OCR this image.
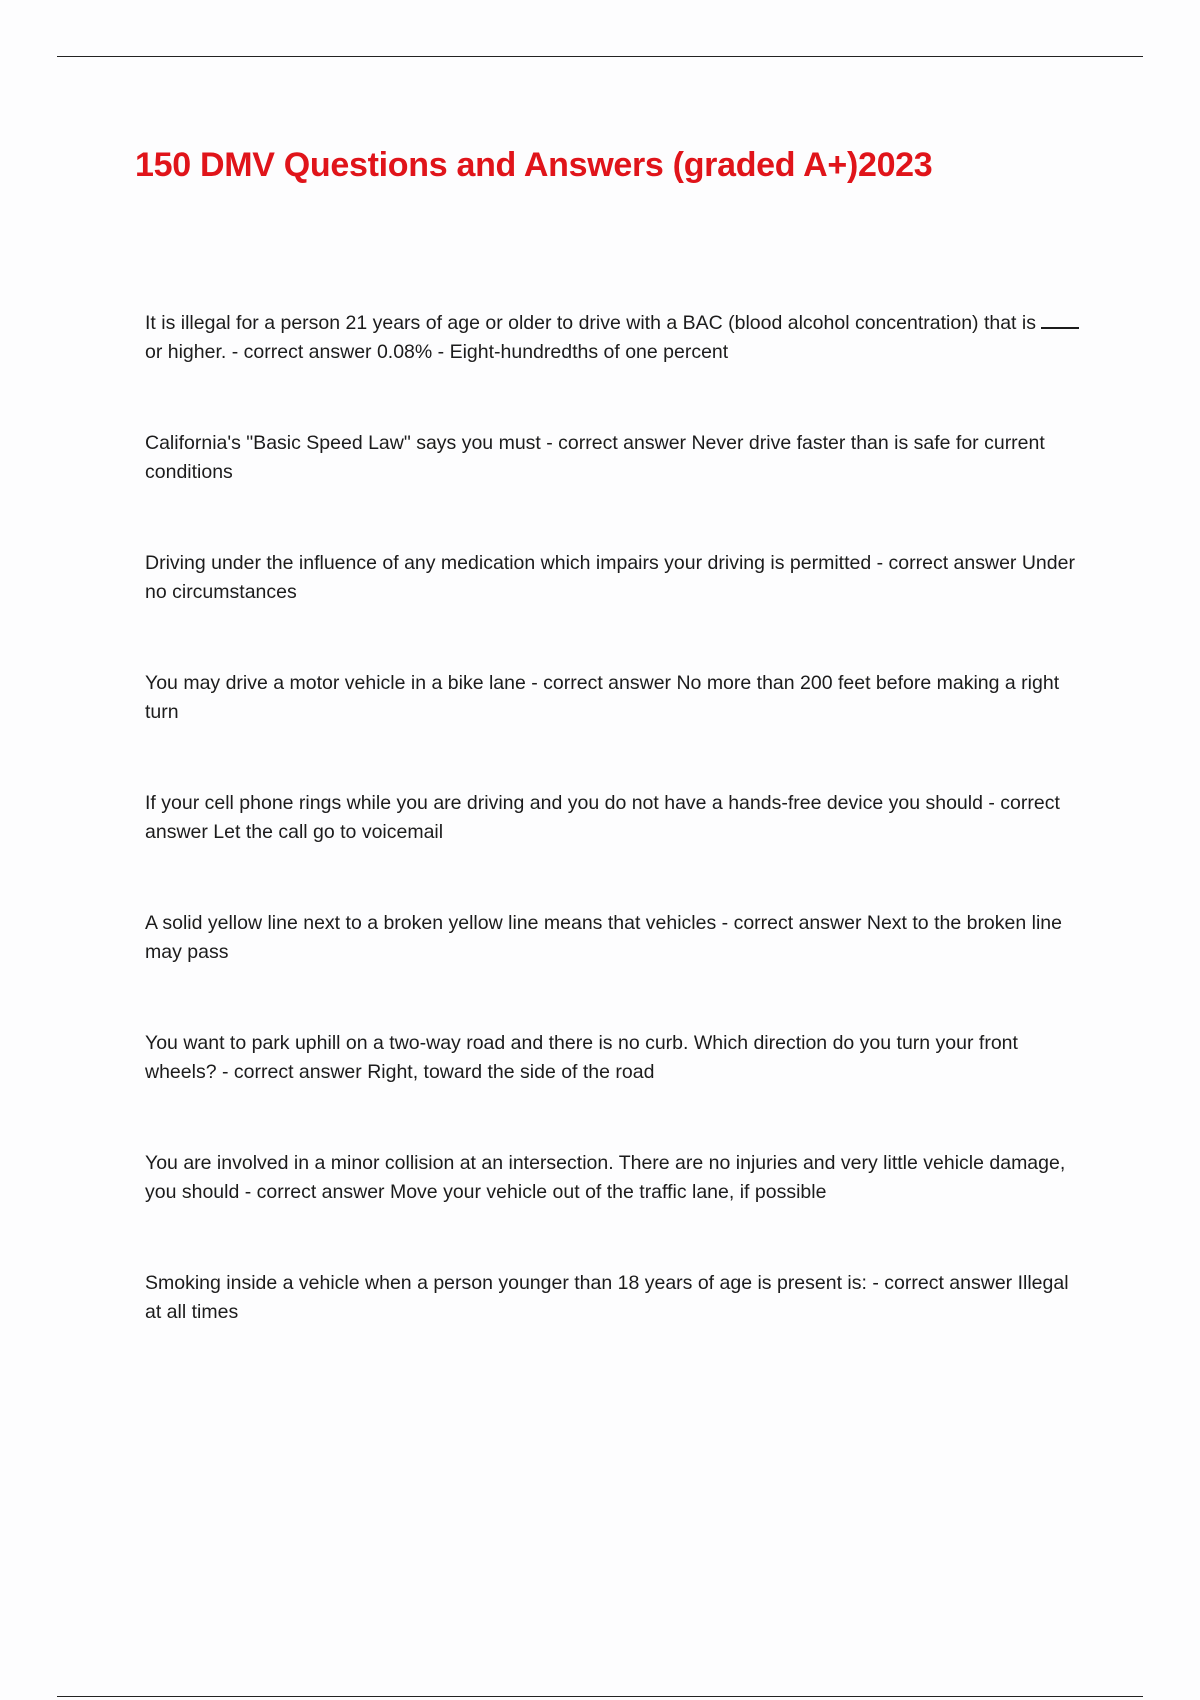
150 DMV Questions and Answers (graded A+)2023
It is illegal for a person 21 years of age or older to drive with a BAC (blood alcohol concentration) that is or higher. - correct answer 0.08% - Eight-hundredths of one percent
California's "Basic Speed Law" says you must - correct answer Never drive faster than is safe for current conditions
Driving under the influence of any medication which impairs your driving is permitted - correct answer Under no circumstances
You may drive a motor vehicle in a bike lane - correct answer No more than 200 feet before making a right turn
If your cell phone rings while you are driving and you do not have a hands-free device you should - correct answer Let the call go to voicemail
A solid yellow line next to a broken yellow line means that vehicles - correct answer Next to the broken line may pass
You want to park uphill on a two-way road and there is no curb. Which direction do you turn your front wheels? - correct answer Right, toward the side of the road
You are involved in a minor collision at an intersection. There are no injuries and very little vehicle damage, you should - correct answer Move your vehicle out of the traffic lane, if possible
Smoking inside a vehicle when a person younger than 18 years of age is present is: - correct answer Illegal at all times
